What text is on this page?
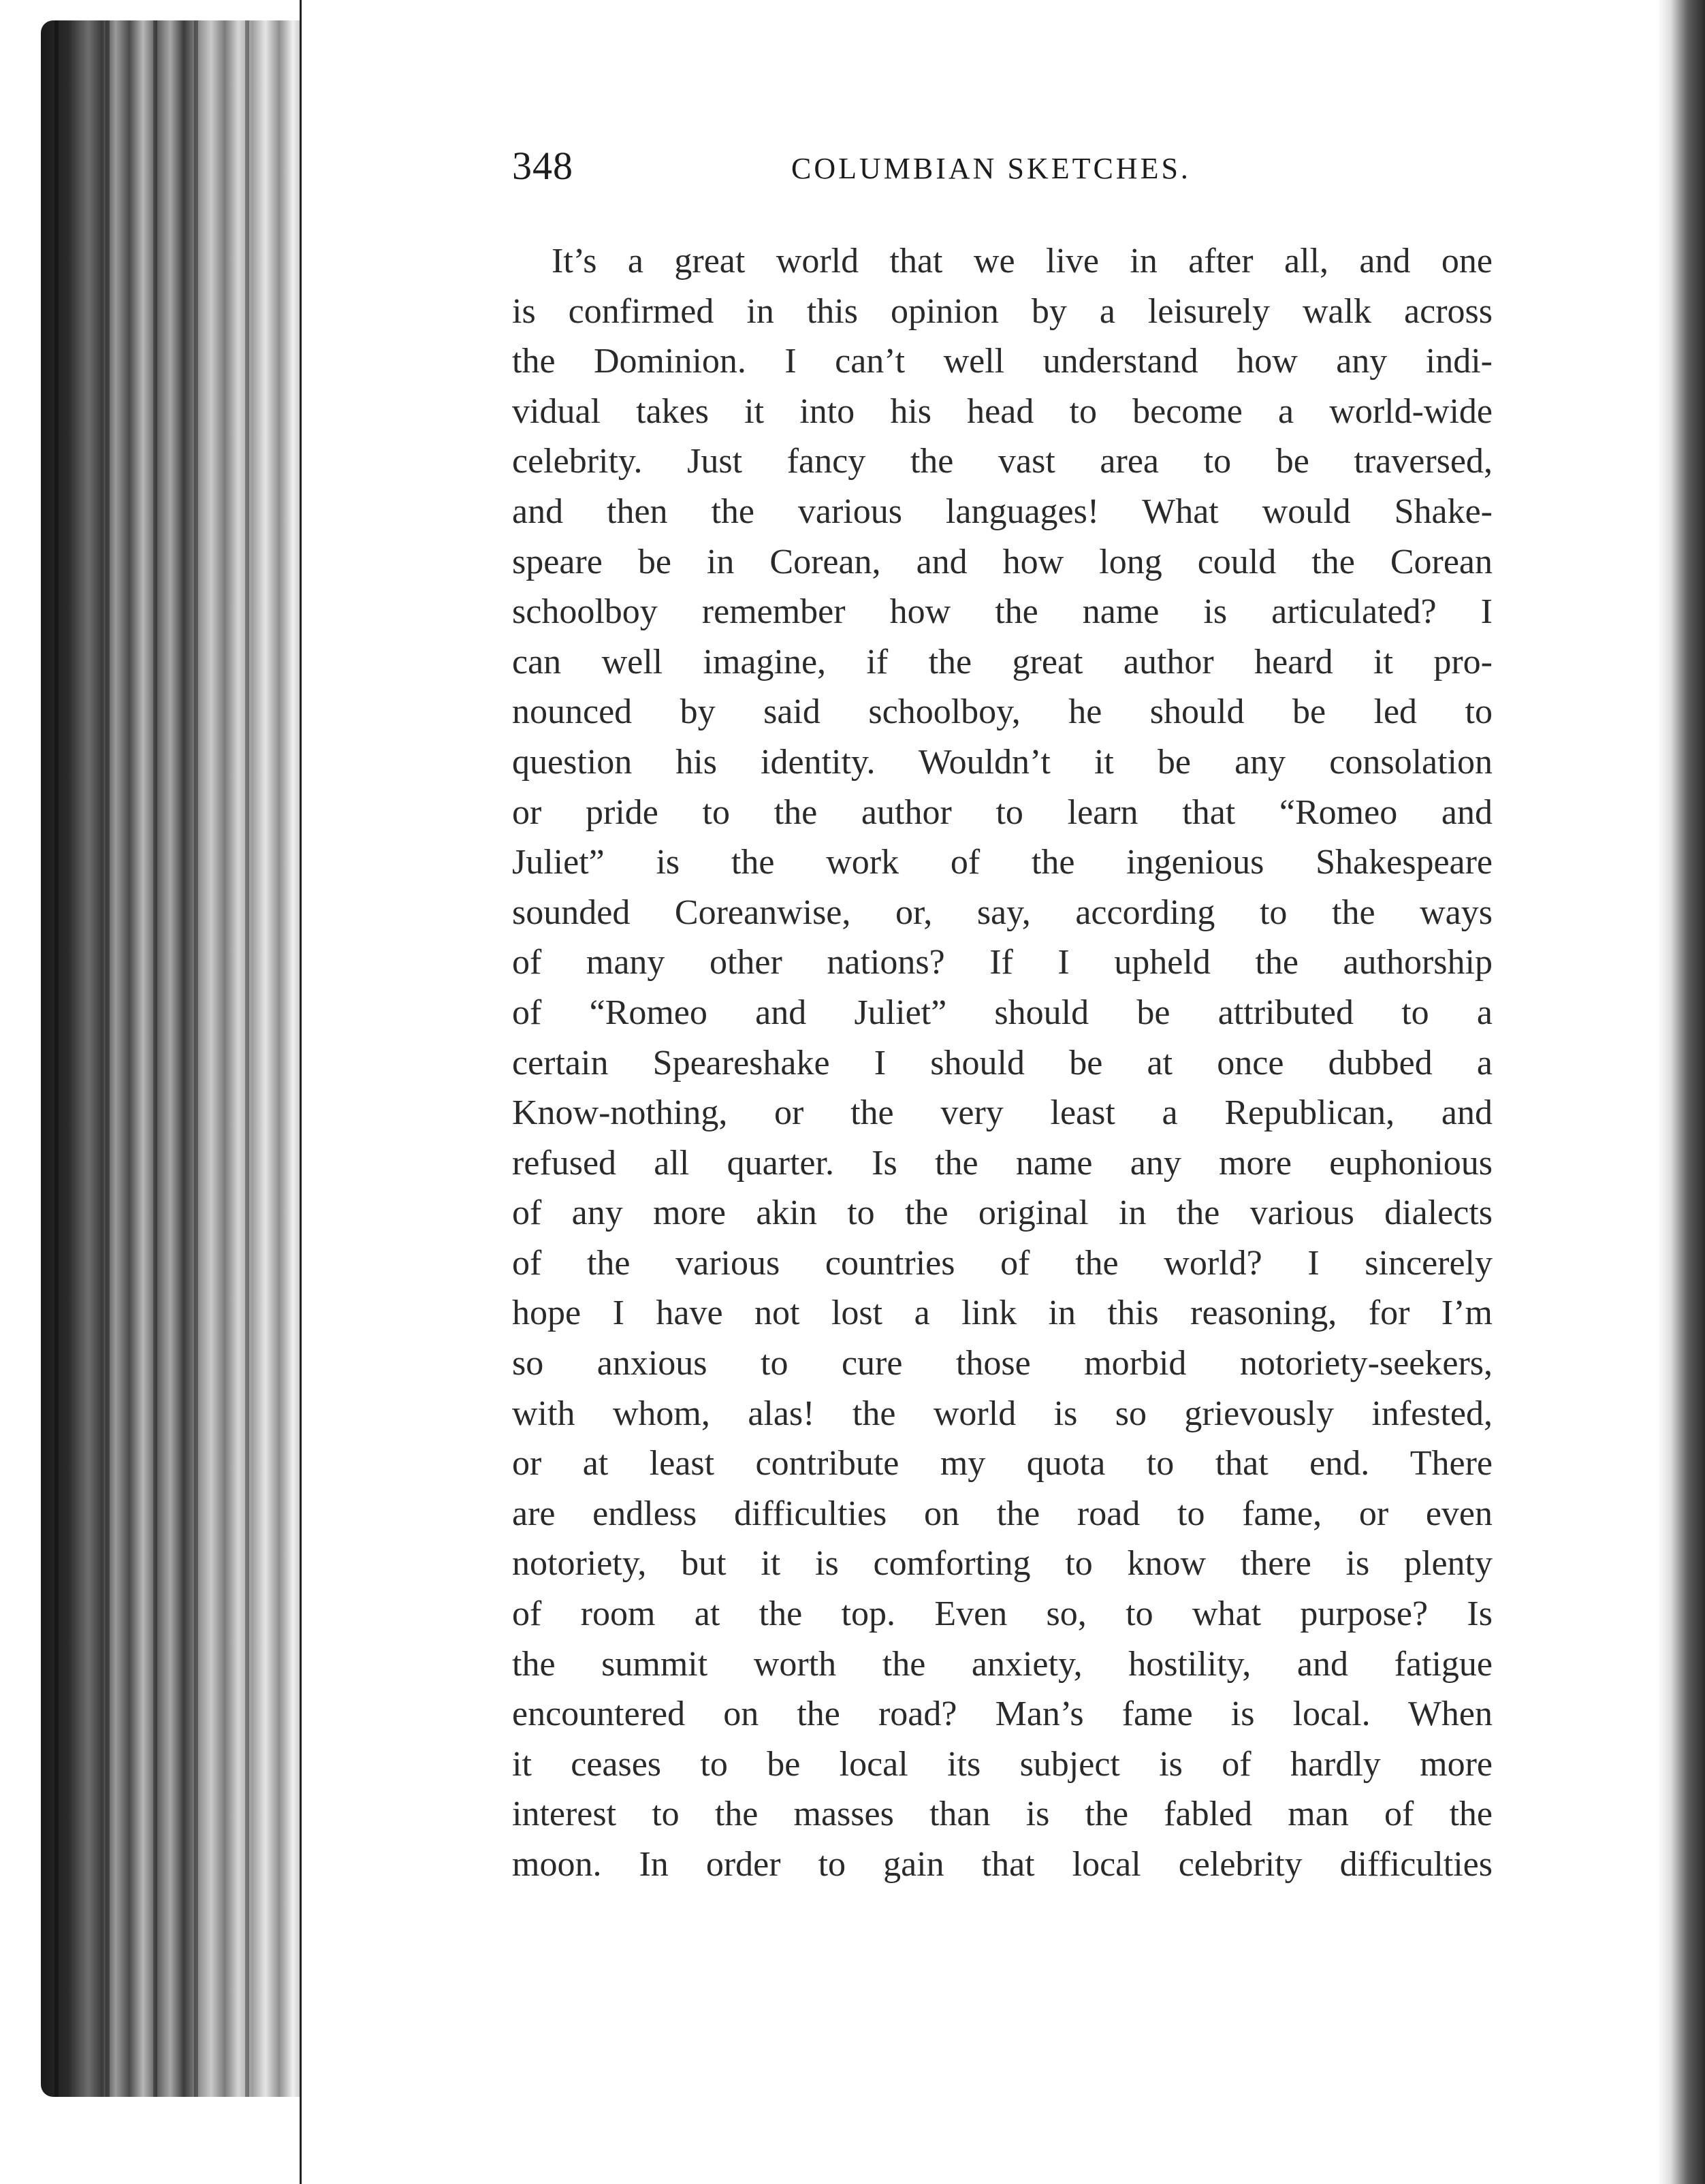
348	COLUMBIAN SKETCHES.
It’s a great world that we live in after all, and one
is confirmed in this opinion by a leisurely walk across
the Dominion. I can’t well understand how any indi-
vidual takes it into his head to become a world-wide
celebrity. Just fancy the vast area to be traversed,
and then the various languages! What would Shake-
speare be in Corean, and how long could the Corean
schoolboy remember how the name is articulated? I
can well imagine, if the great author heard it pro-
nounced by said schoolboy, he should be led to
question his identity. Wouldn’t it be any consolation
or pride to the author to learn that “Romeo and
Juliet” is the work of the ingenious Shakespeare
sounded Coreanwise, or, say, according to the ways
of many other nations? If I upheld the authorship
of “Romeo and Juliet” should be attributed to a
certain Speareshake I should be at once dubbed a
Know-nothing, or the very least a Republican, and
refused all quarter. Is the name any more euphonious
of any more akin to the original in the various dialects
of the various countries of the world? I sincerely
hope I have not lost a link in this reasoning, for I’m
so anxious to cure those morbid notoriety-seekers,
with whom, alas! the world is so grievously infested,
or at least contribute my quota to that end. There
are endless difficulties on the road to fame, or even
notoriety, but it is comforting to know there is plenty
of room at the top. Even so, to what purpose? Is
the summit worth the anxiety, hostility, and fatigue
encountered on the road? Man’s fame is local. When
it ceases to be local its subject is of hardly more
interest to the masses than is the fabled man of the
moon. In order to gain that local celebrity difficulties
